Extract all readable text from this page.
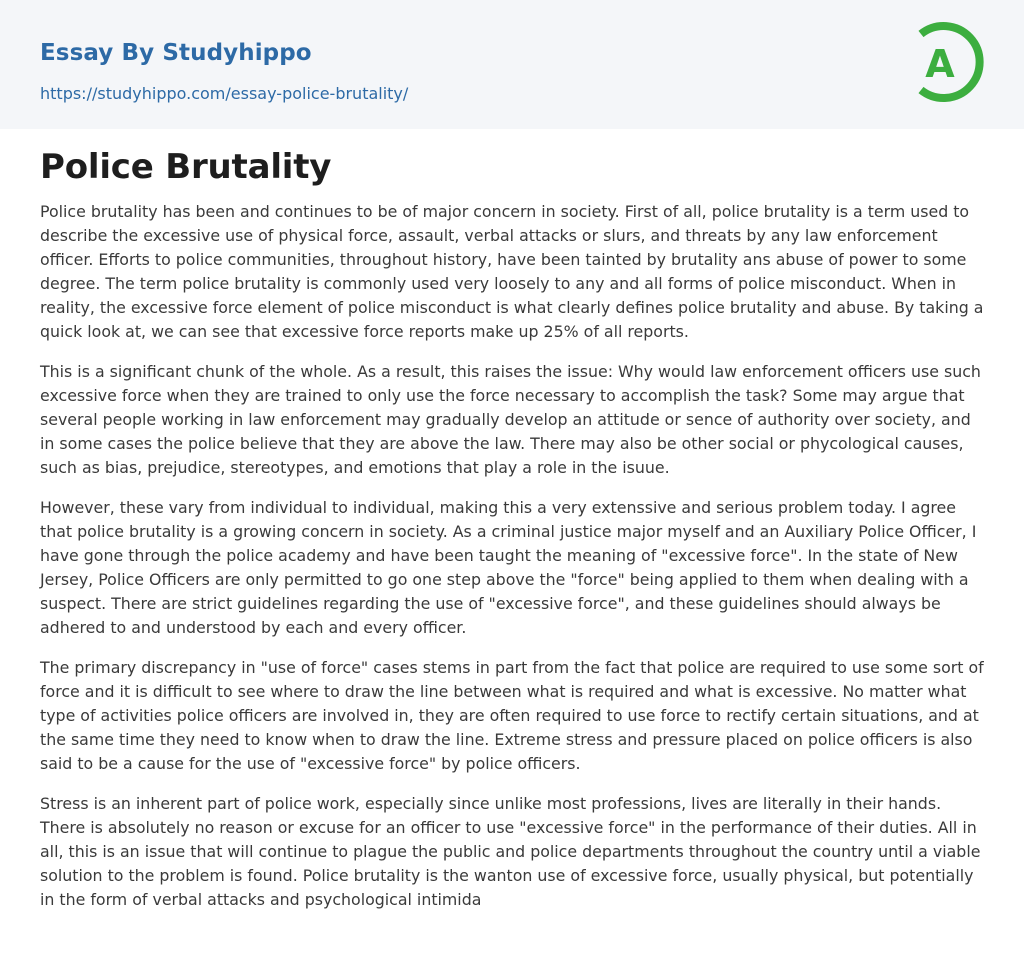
Essay By Studyhippo
https://studyhippo.com/essay-police-brutality/
A
Police Brutality

Police brutality has been and continues to be of major concern in society. First of all, police brutality is a term used to describe the excessive use of physical force, assault, verbal attacks or slurs, and threats by any law enforcement officer. Efforts to police communities, throughout history, have been tainted by brutality ans abuse of power to some degree. The term police brutality is commonly used very loosely to any and all forms of police misconduct. When in reality, the excessive force element of police misconduct is what clearly defines police brutality and abuse. By taking a quick look at, we can see that excessive force reports make up 25% of all reports.

This is a significant chunk of the whole. As a result, this raises the issue: Why would law enforcement officers use such excessive force when they are trained to only use the force necessary to accomplish the task? Some may argue that several people working in law enforcement may gradually develop an attitude or sence of authority over society, and in some cases the police believe that they are above the law. There may also be other social or phycological causes, such as bias, prejudice, stereotypes, and emotions that play a role in the isuue.

However, these vary from individual to individual, making this a very extenssive and serious problem today. I agree that police brutality is a growing concern in society. As a criminal justice major myself and an Auxiliary Police Officer, I have gone through the police academy and have been taught the meaning of "excessive force". In the state of New Jersey, Police Officers are only permitted to go one step above the "force" being applied to them when dealing with a suspect. There are strict guidelines regarding the use of "excessive force", and these guidelines should always be adhered to and understood by each and every officer.

The primary discrepancy in "use of force" cases stems in part from the fact that police are required to use some sort of force and it is difficult to see where to draw the line between what is required and what is excessive. No matter what type of activities police officers are involved in, they are often required to use force to rectify certain situations, and at the same time they need to know when to draw the line. Extreme stress and pressure placed on police officers is also said to be a cause for the use of "excessive force" by police officers.

Stress is an inherent part of police work, especially since unlike most professions, lives are literally in their hands. There is absolutely no reason or excuse for an officer to use "excessive force" in the performance of their duties. All in all, this is an issue that will continue to plague the public and police departments throughout the country until a viable solution to the problem is found. Police brutality is the wanton use of excessive force, usually physical, but potentially in the form of verbal attacks and psychological intimida
